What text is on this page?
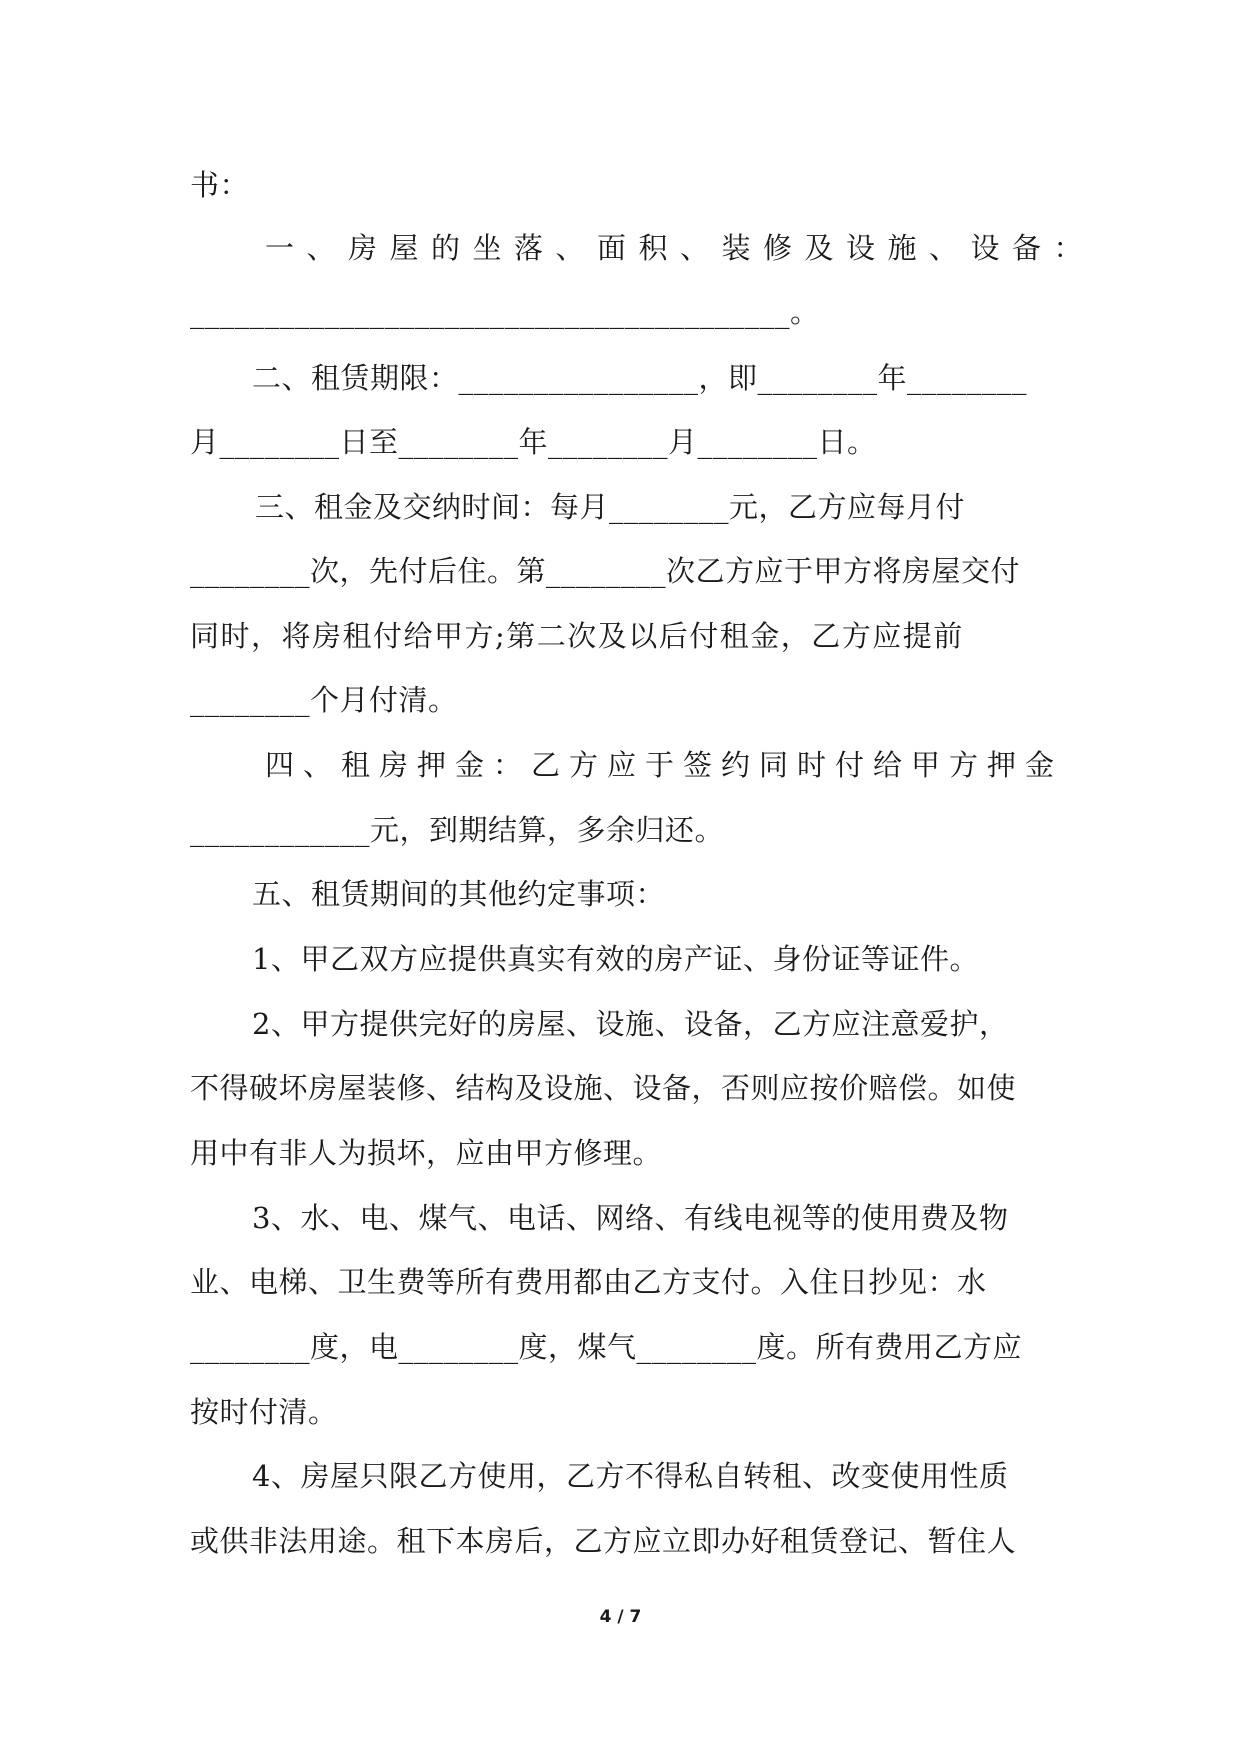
书：
一、房屋的坐落、面积、装修及设施、设备：
________________________________________。
二、租赁期限：________________，即________年________
月________日至________年________月________日。
三、租金及交纳时间：每月________元，乙方应每月付
________次，先付后住。第________次乙方应于甲方将房屋交付
同时，将房租付给甲方;第二次及以后付租金，乙方应提前
________个月付清。
四、租房押金：乙方应于签约同时付给甲方押金
____________元，到期结算，多余归还。
五、租赁期间的其他约定事项：
1、甲乙双方应提供真实有效的房产证、身份证等证件。
2、甲方提供完好的房屋、设施、设备，乙方应注意爱护，
不得破坏房屋装修、结构及设施、设备，否则应按价赔偿。如使
用中有非人为损坏，应由甲方修理。
3、水、电、煤气、电话、网络、有线电视等的使用费及物
业、电梯、卫生费等所有费用都由乙方支付。入住日抄见：水
________度，电________度，煤气________度。所有费用乙方应
按时付清。
4、房屋只限乙方使用，乙方不得私自转租、改变使用性质
或供非法用途。租下本房后，乙方应立即办好租赁登记、暂住人
4 / 7
